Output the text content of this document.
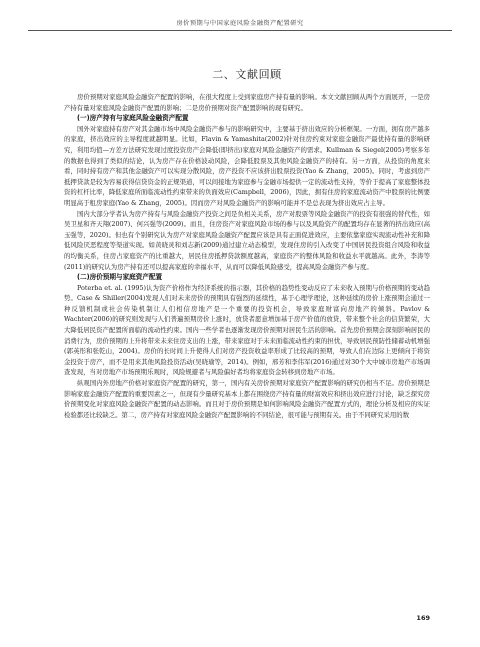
房价预期与中国家庭风险金融资产配置研究
二、文献回顾

房价预期对家庭风险金融资产配置的影响，在很大程度上受到家庭房产持有量的影响。本文文献回顾从两个方面展开，一是房产持有量对家庭风险金融资产配置的影响；二是房价预期对资产配置影响的现有研究。

(一)房产持有与家庭风险金融资产配置

国外对家庭持有房产对其金融市场中风险金融资产参与的影响研究中，主要基于挤出效应的分析框架。一方面，拥有房产越多的家庭，挤出效应的主导程度就越明显。比如，Flavin & Yamashita(2002)针对住房约束对家庭金融资产最优持有量的影响研究，利用均值—方差方法研究发现过度投资房产会降低(即挤出)家庭对风险金融资产的需求。Kullman & Siegel(2005)考察多年的数据也得到了类似的结论，认为房产存在价格波动风险，会降低股票及其他风险金融资产的持有。另一方面，从投资的角度来看，同时持有房产和其他金融资产可以实现分散风险，房产投资不应该挤出股票投资(Yao & Zhang，2005)。同时，考虑到房产抵押贷款是较为容易获得信贷资金的正规渠道，可以间接地为家庭参与金融市场提供一定的流动性支持，等价于提高了家庭整体投资的杠杆比率，降低家庭所面临流动性约束带来的负面效应(Campbell，2006)，因此，拥有住房的家庭流动资产中股票的比例要明显高于租房家庭(Yao & Zhang，2005)。因而房产对风险金融资产的影响可能并不是总表现为挤出效应占主导。

国内大部分学者认为房产持有与风险金融资产投资之间是负相关关系，房产对股票等风险金融资产的投资有很强的替代性，如吴卫星和齐天翔(2007)、何兴强等(2009)。而且，住房资产对家庭风险市场的参与以及风险资产的配置均存在显著的挤出效应(高玉强等，2020)。但也有个别研究认为房产对家庭风险金融资产配置应该是具有正面促进效应，主要依靠家庭实现流动性补充和降低风险厌恶程度等渠道实现。如黄晓灵和刘志新(2009)通过建立动态模型，发现住房的引入改变了中国居民投资组合风险和收益的均衡关系，住房占家庭资产的比重越大，居民住房抵押贷款额度越高，家庭资产的整体风险和收益水平就越高。此外，李涛等(2011)的研究认为房产持有还可以提高家庭的幸福水平，从而可以降低风险感受，提高风险金融资产参与度。

(二)房价预期与家庭资产配置

Poterba et. al. (1995)认为资产价格作为经济系统的指示器，其价格的趋势性变动反应了未来收入预期与价格预期的变动趋势。Case & Shiller(2004)发现人们对未来房价的预期具有强烈的延续性，基于心理学理论，这种延续的房价上涨预期会通过一种反馈机制或社会传染机制让人们相信房地产是一个重要的投资机会，导致家庭财富向房地产的倾斜。Pavlov & Wachter(2006)的研究则发现与人们普遍预期房价上涨时，放贷者愿意增加基于房产价值的放贷，带来整个社会的信贷繁荣，大大降低居民资产配置所面临的流动性约束。国内一些学者也逐渐发现房价预期对居民生活的影响。首先房价预期会深刻影响居民的消费行为，房价预期的上升将带来未来住房支出的上涨，带来家庭对于未来面临流动性约束的担忧，导致居民预防性储蓄动机增强(郭英彤和张乾山，2004)。房价的长时间上升使得人们对房产投资收益率形成了比较高的预期，导致人们在边际上更倾向于将资金投资于房产，而不是用来其他风险投资活动(吴晓瑜等，2014)。例如，邢芳和李伟军(2016)通过对30个大中城市房地产市场调查发现，当对房地产市场预期乐观时，风险规避者与风险偏好者均将家庭资金转移到房地产市场。

纵观国内外房地产价格对家庭资产配置的研究，第一，国内有关房价预期对家庭资产配置影响的研究仍相当不足。房价预期是影响家庭金融资产配置的重要因素之一，但现有少量研究基本上都在围绕房产持有量的财富效应和挤出效应进行讨论，缺乏探究房价预期变化对家庭风险金融资产配置的动态影响。而且对于房价预期是如何影响风险金融资产配置方式的，理论分析及相应的实证检验都还比较缺乏。第二，房产持有对家庭风险金融资产配置影响的不同结论，很可能与预期有关。由于不同研究采用的数

169
